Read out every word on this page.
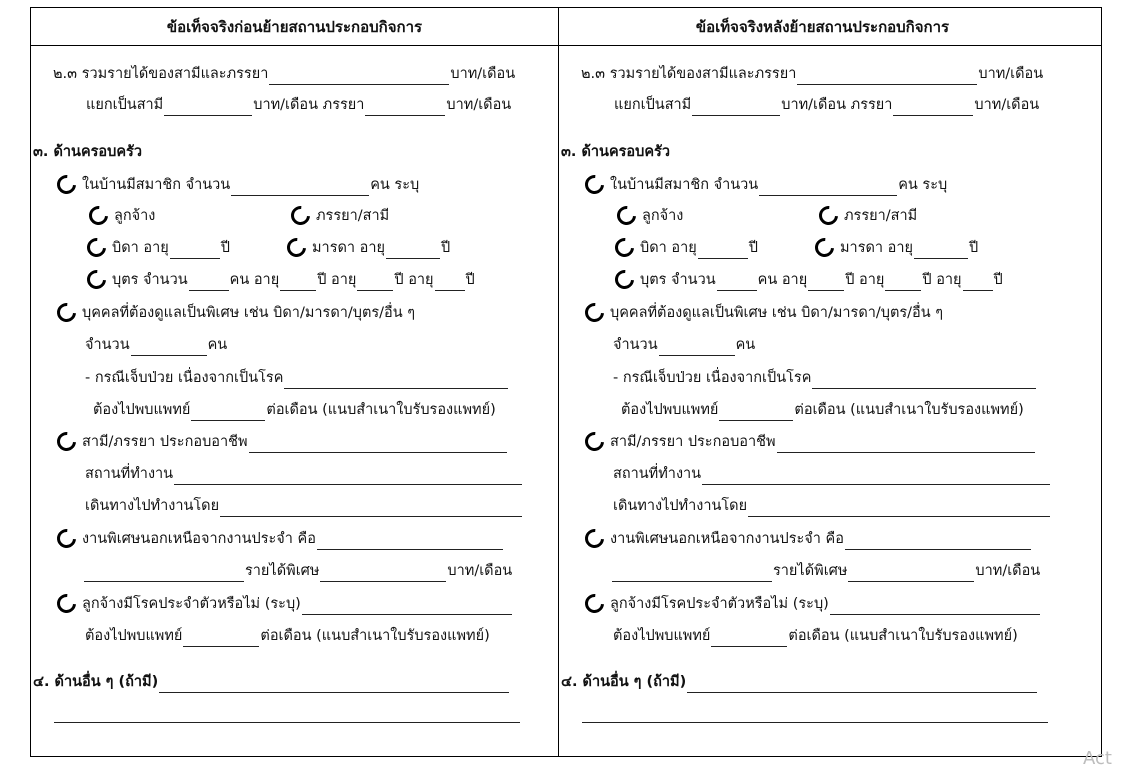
ข้อเท็จจริงก่อนย้ายสถานประกอบกิจการ
๒.๓ รวมรายได้ของสามีและภรรยา	บาท/เดือน
แยกเป็นสามี	บาท/เดือน ภรรยา	บาท/เดือน
๓. ด้านครอบครัว
ในบ้านมีสมาชิก จำนวน	คน ระบุ
ลูกจ้าง	ภรรยา/สามี
บิดา อายุ	ปี	มารดา อายุ	ปี
บุตร จำนวน	คน อายุ	ปี อายุ	ปี อายุ ปี
บุคคลที่ต้องดูแลเป็นพิเศษ เช่น บิดา/มารดา/บุตร/อื่น ๆ
จำนวน	คน
- กรณีเจ็บป่วย เนื่องจากเป็นโรค
ต้องไปพบแพทย์	ต่อเดือน (แนบสำเนาใบรับรองแพทย์)
สามี/ภรรยา ประกอบอาชีพ
สถานที่ทำงาน
เดินทางไปทำงานโดย
งานพิเศษนอกเหนือจากงานประจำ คือ
รายได้พิเศษ	บาท/เดือน
ลูกจ้างมีโรคประจำตัวหรือไม่ (ระบุ)
ต้องไปพบแพทย์	ต่อเดือน (แนบสำเนาใบรับรองแพทย์)
๔. ด้านอื่น ๆ (ถ้ามี)
ข้อเท็จจริงหลังย้ายสถานประกอบกิจการ
๒.๓ รวมรายได้ของสามีและภรรยา	บาท/เดือน
แยกเป็นสามี	บาท/เดือน ภรรยา	บาท/เดือน
๓. ด้านครอบครัว
ในบ้านมีสมาชิก จำนวน	คน ระบุ
ลูกจ้าง	ภรรยา/สามี
บิดา อายุ	ปี	มารดา อายุ	ปี
บุตร จำนวน	คน อายุ	ปี อายุ	ปี อายุ ปี
บุคคลที่ต้องดูแลเป็นพิเศษ เช่น บิดา/มารดา/บุตร/อื่น ๆ
จำนวน	คน
- กรณีเจ็บป่วย เนื่องจากเป็นโรค
ต้องไปพบแพทย์	ต่อเดือน (แนบสำเนาใบรับรองแพทย์)
สามี/ภรรยา ประกอบอาชีพ
สถานที่ทำงาน
เดินทางไปทำงานโดย
งานพิเศษนอกเหนือจากงานประจำ คือ
รายได้พิเศษ	บาท/เดือน
ลูกจ้างมีโรคประจำตัวหรือไม่ (ระบุ)
ต้องไปพบแพทย์	ต่อเดือน (แนบสำเนาใบรับรองแพทย์)
๔. ด้านอื่น ๆ (ถ้ามี)
Act
